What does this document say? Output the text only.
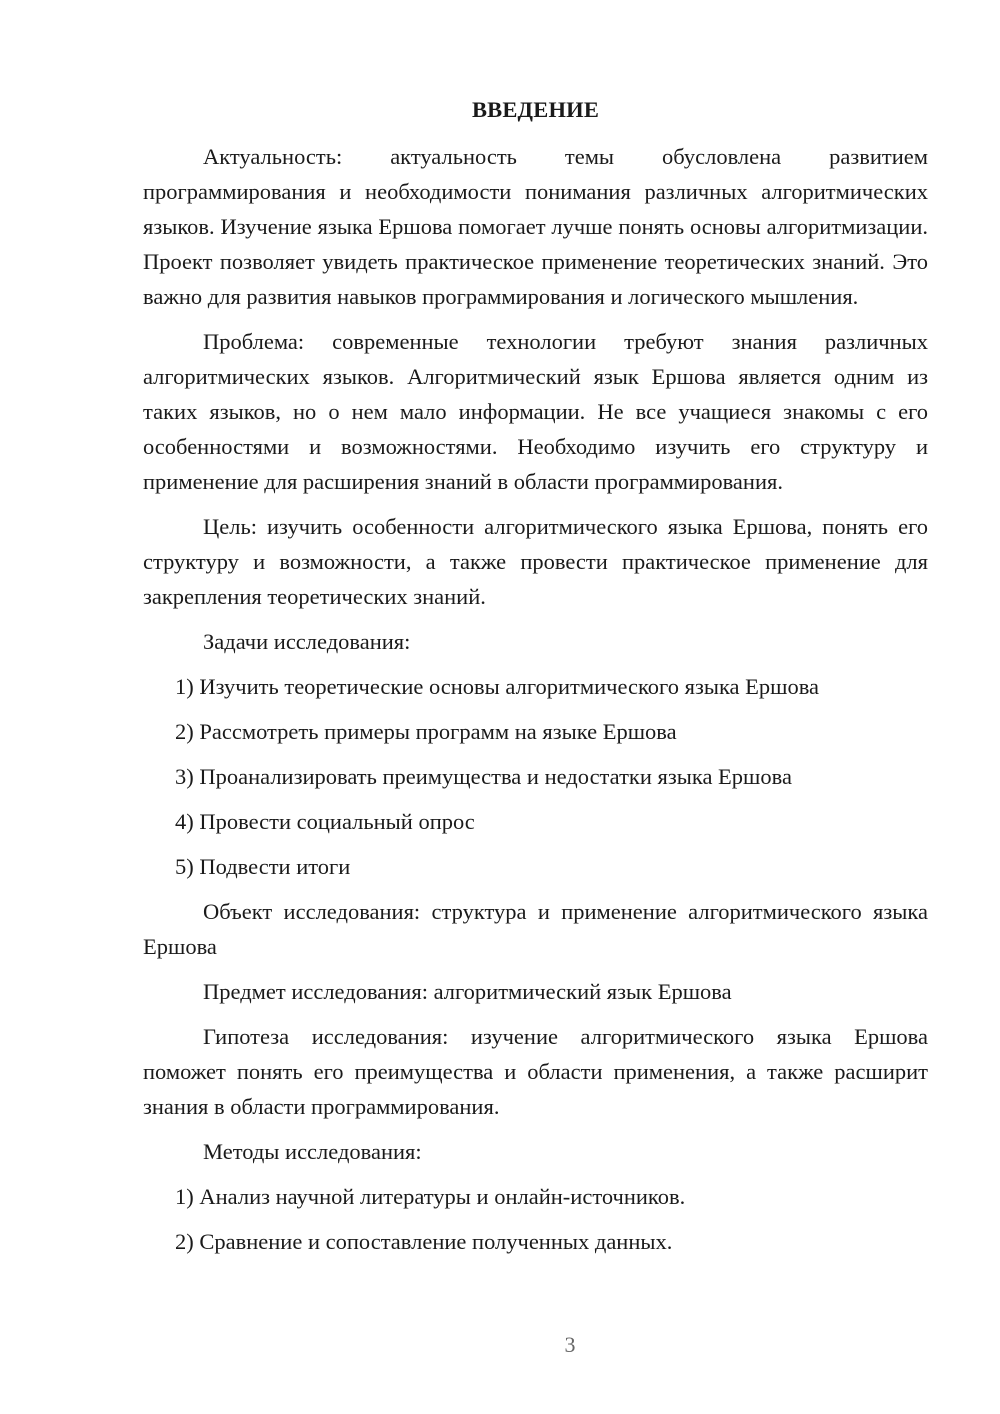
ВВЕДЕНИЕ

Актуальность: актуальность темы обусловлена развитием программирования и необходимости понимания различных алгоритмических языков. Изучение языка Ершова помогает лучше понять основы алгоритмизации. Проект позволяет увидеть практическое применение теоретических знаний. Это важно для развития навыков программирования и логического мышления.

Проблема: современные технологии требуют знания различных алгоритмических языков. Алгоритмический язык Ершова является одним из таких языков, но о нем мало информации. Не все учащиеся знакомы с его особенностями и возможностями. Необходимо изучить его структуру и применение для расширения знаний в области программирования.

Цель: изучить особенности алгоритмического языка Ершова, понять его структуру и возможности, а также провести практическое применение для закрепления теоретических знаний.

Задачи исследования:

1) Изучить теоретические основы алгоритмического языка Ершова
2) Рассмотреть примеры программ на языке Ершова
3) Проанализировать преимущества и недостатки языка Ершова
4) Провести социальный опрос
5) Подвести итоги

Объект исследования: структура и применение алгоритмического языка Ершова

Предмет исследования: алгоритмический язык Ершова

Гипотеза исследования: изучение алгоритмического языка Ершова поможет понять его преимущества и области применения, а также расширит знания в области программирования.

Методы исследования:

1) Анализ научной литературы и онлайн-источников.
2) Сравнение и сопоставление полученных данных.
3
